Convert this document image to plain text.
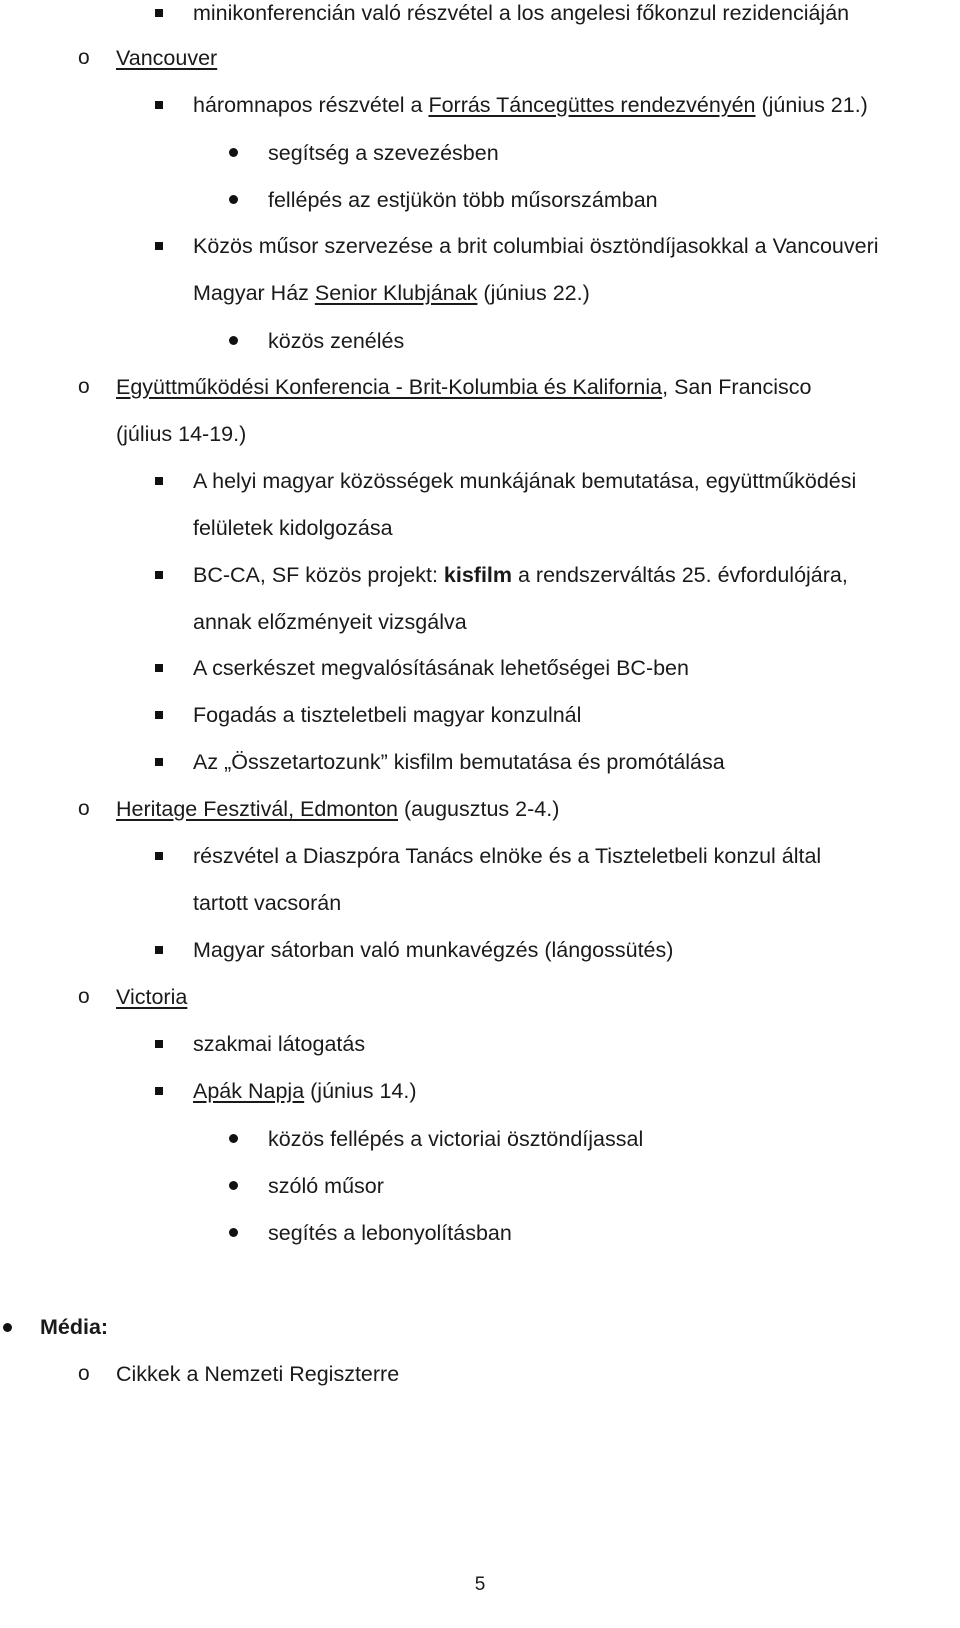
minikonferencián való részvétel a los angelesi főkonzul rezidenciáján
o Vancouver
háromnapos részvétel a Forrás Táncegüttes rendezvényén (június 21.)
segítség a szevezésben
fellépés az estjükön több műsorszámban
Közös műsor szervezése a brit columbiai ösztöndíjasokkal a Vancouveri
Magyar Ház Senior Klubjának (június 22.)
közös zenélés
o Együttműködési Konferencia - Brit-Kolumbia és Kalifornia, San Francisco
(július 14-19.)
A helyi magyar közösségek munkájának bemutatása, együttműködési
felületek kidolgozása
BC-CA, SF közös projekt: kisfilm a rendszerváltás 25. évfordulójára,
annak előzményeit vizsgálva
A cserkészet megvalósításának lehetőségei BC-ben
Fogadás a tiszteletbeli magyar konzulnál
Az „Összetartozunk” kisfilm bemutatása és promótálása
o Heritage Fesztivál, Edmonton (augusztus 2-4.)
részvétel a Diaszpóra Tanács elnöke és a Tiszteletbeli konzul által
tartott vacsorán
Magyar sátorban való munkavégzés (lángossütés)
o Victoria
szakmai látogatás
Apák Napja (június 14.)
közös fellépés a victoriai ösztöndíjassal
szóló műsor
segítés a lebonyolításban
Média:
o Cikkek a Nemzeti Regiszterre
5
